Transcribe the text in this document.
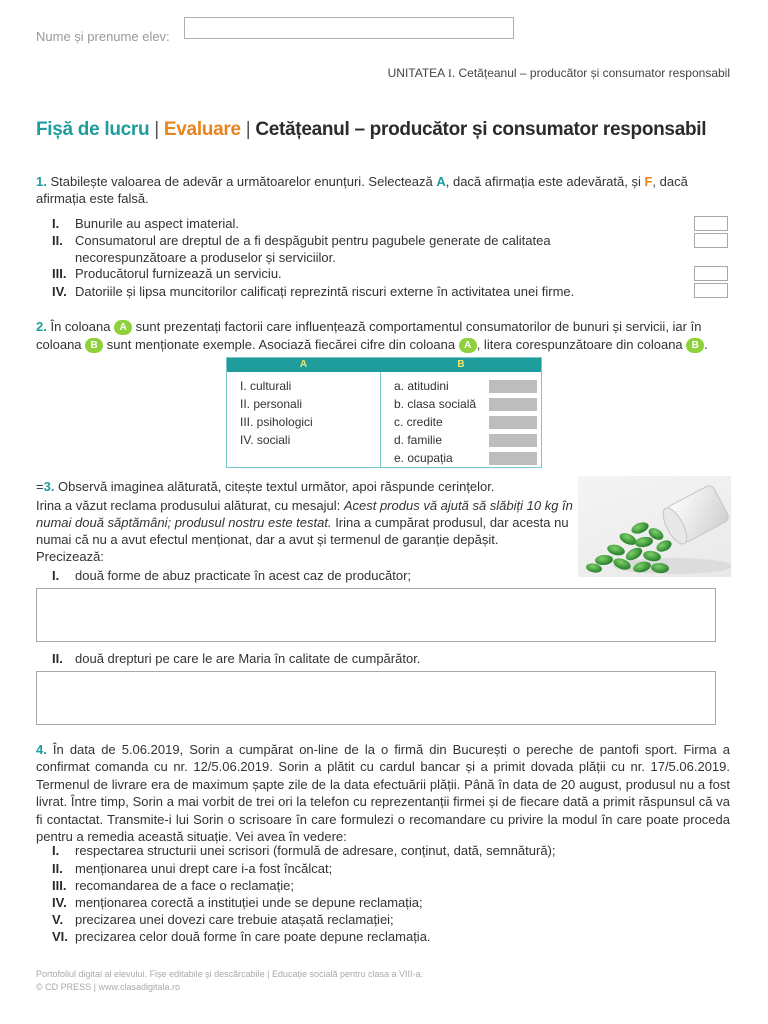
Nume și prenume elev:
UNITATEA I. Cetățeanul – producător și consumator responsabil
Fișă de lucru | Evaluare | Cetățeanul – producător și consumator responsabil
1. Stabilește valoarea de adevăr a următoarelor enunțuri. Selectează A, dacă afirmația este adevărată, și F, dacă afirmația este falsă.
I. Bunurile au aspect imaterial.
II. Consumatorul are dreptul de a fi despăgubit pentru pagubele generate de calitatea necorespunzătoare a produselor și serviciilor.
III. Producătorul furnizează un serviciu.
IV. Datoriile și lipsa muncitorilor calificați reprezintă riscuri externe în activitatea unei firme.
2. În coloana A sunt prezentați factorii care influențează comportamentul consumatorilor de bunuri și servicii, iar în coloana B sunt menționate exemple. Asociază fiecărei cifre din coloana A , litera corespunzătoare din coloana B .
A	B
I. culturali
II. personali
III. psihologici
IV. sociali
a. atitudini
b. clasa socială
c. credite
d. familie
e. ocupația
=3. Observă imaginea alăturată, citește textul următor, apoi răspunde cerințelor.
Irina a văzut reclama produsului alăturat, cu mesajul: Acest produs vă ajută să slăbiți 10 kg în numai două săptămâni; produsul nostru este testat. Irina a cumpărat produsul, dar acesta nu numai că nu a avut efectul menționat, dar a avut și termenul de garanție depășit.
Precizează:
I. două forme de abuz practicate în acest caz de producător;
II. două drepturi pe care le are Maria în calitate de cumpărător.
4. În data de 5.06.2019, Sorin a cumpărat on-line de la o firmă din București o pereche de pantofi sport. Firma a confirmat comanda cu nr. 12/5.06.2019. Sorin a plătit cu cardul bancar și a primit dovada plății cu nr. 17/5.06.2019. Termenul de livrare era de maximum șapte zile de la data efectuării plății. Până în data de 20 august, produsul nu a fost livrat. Între timp, Sorin a mai vorbit de trei ori la telefon cu reprezentanții firmei și de fiecare dată a primit răspunsul că va fi contactat. Transmite-i lui Sorin o scrisoare în care formulezi o recomandare cu privire la modul în care poate proceda pentru a remedia această situație. Vei avea în vedere:
I. respectarea structurii unei scrisori (formulă de adresare, conținut, dată, semnătură);
II. menționarea unui drept care i-a fost încălcat;
III. recomandarea de a face o reclamație;
IV. menționarea corectă a instituției unde se depune reclamația;
V. precizarea unei dovezi care trebuie atașată reclamației;
VI. precizarea celor două forme în care poate depune reclamația.
Portofoliul digital al elevului. Fișe editabile și descărcabile | Educație socială pentru clasa a VIII-a.
© CD PRESS | www.clasadigitala.ro
